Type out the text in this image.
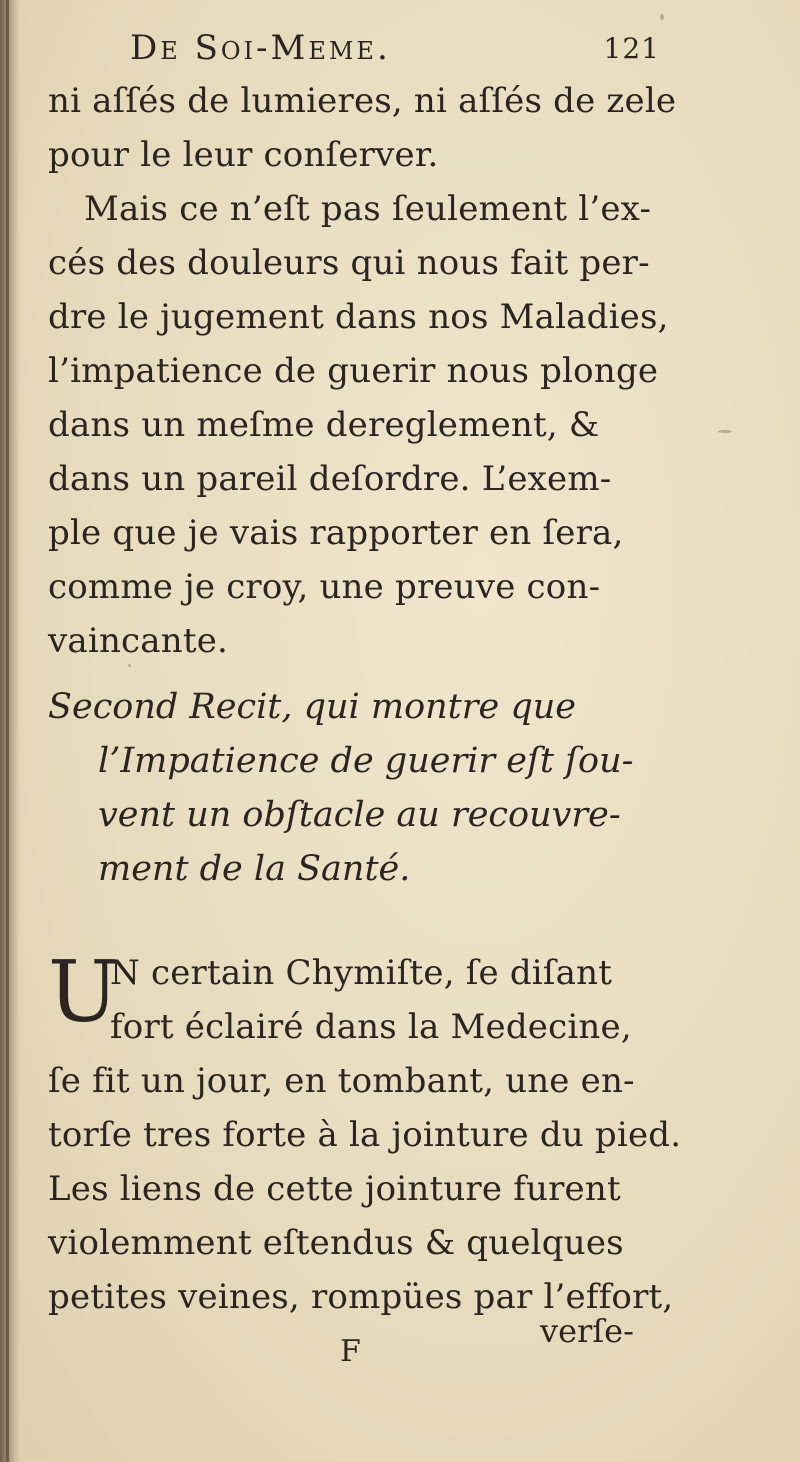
De Soi-Meme.	121
ni aſſés de lumieres, ni aſſés de zele
pour le leur conſerver.
Mais ce n’eſt pas ſeulement l’ex-
cés des douleurs qui nous fait per-
dre le jugement dans nos Maladies,
l’impatience de guerir nous plonge
dans un meſme dereglement, &
dans un pareil deſordre. L’exem-
ple que je vais rapporter en ſera,
comme je croy, une preuve con-
vaincante.
Second Recit, qui montre que
l’Impatience de guerir eſt ſou-
vent un obſtacle au recouvre-
ment de la Santé.
U
N certain Chymiſte, ſe diſant
fort éclairé dans la Medecine,
ſe fit un jour, en tombant, une en-
torſe tres forte à la jointure du pied.
Les liens de cette jointure furent
violemment eſtendus & quelques
petites veines, rompües par l’effort,
F
verſe-
